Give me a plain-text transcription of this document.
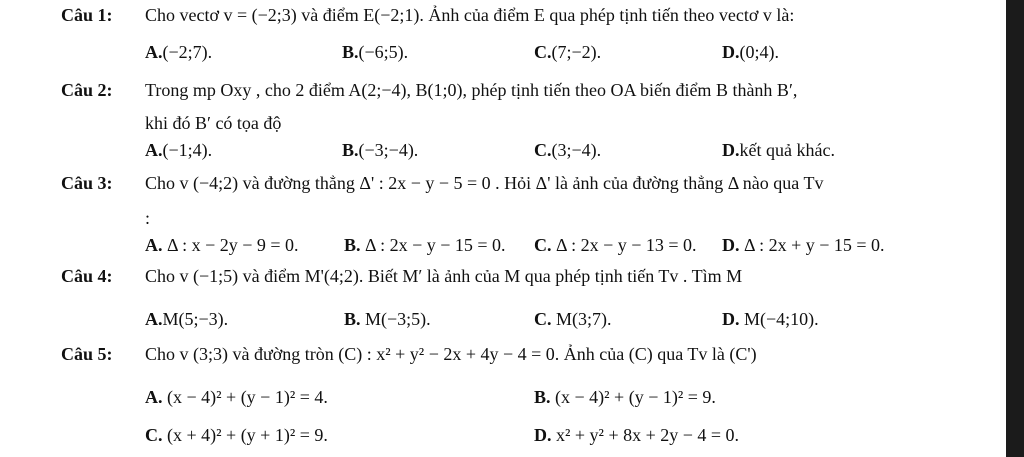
Câu 1: Cho vectơ v = (−2;3) và điểm E(−2;1). Ảnh của điểm E qua phép tịnh tiến theo vectơ v là:
A.(−2;7).	B.(−6;5).	C.(7;−2).	D.(0;4).
Câu 2: Trong mp Oxy , cho 2 điểm A(2;−4), B(1;0), phép tịnh tiến theo OA biến điểm B thành B′,
khi đó B′ có tọa độ
A.(−1;4).	B.(−3;−4).	C.(3;−4).	D.kết quả khác.
Câu 3: Cho v (−4;2) và đường thẳng Δ' : 2x − y − 5 = 0 . Hỏi Δ' là ảnh của đường thẳng Δ nào qua Tv
:
A. Δ : x − 2y − 9 = 0.	B. Δ : 2x − y − 15 = 0. C. Δ : 2x − y − 13 = 0. D. Δ : 2x + y − 15 = 0.
Câu 4: Cho v (−1;5) và điểm M'(4;2). Biết M′ là ảnh của M qua phép tịnh tiến Tv . Tìm M
A.M(5;−3).	B. M(−3;5).	C. M(3;7).	D. M(−4;10).
Câu 5: Cho v (3;3) và đường tròn (C) : x² + y² − 2x + 4y − 4 = 0. Ảnh của (C) qua Tv là (C')
A. (x − 4)² + (y − 1)² = 4.	B. (x − 4)² + (y − 1)² = 9.
C. (x + 4)² + (y + 1)² = 9.	D. x² + y² + 8x + 2y − 4 = 0.
